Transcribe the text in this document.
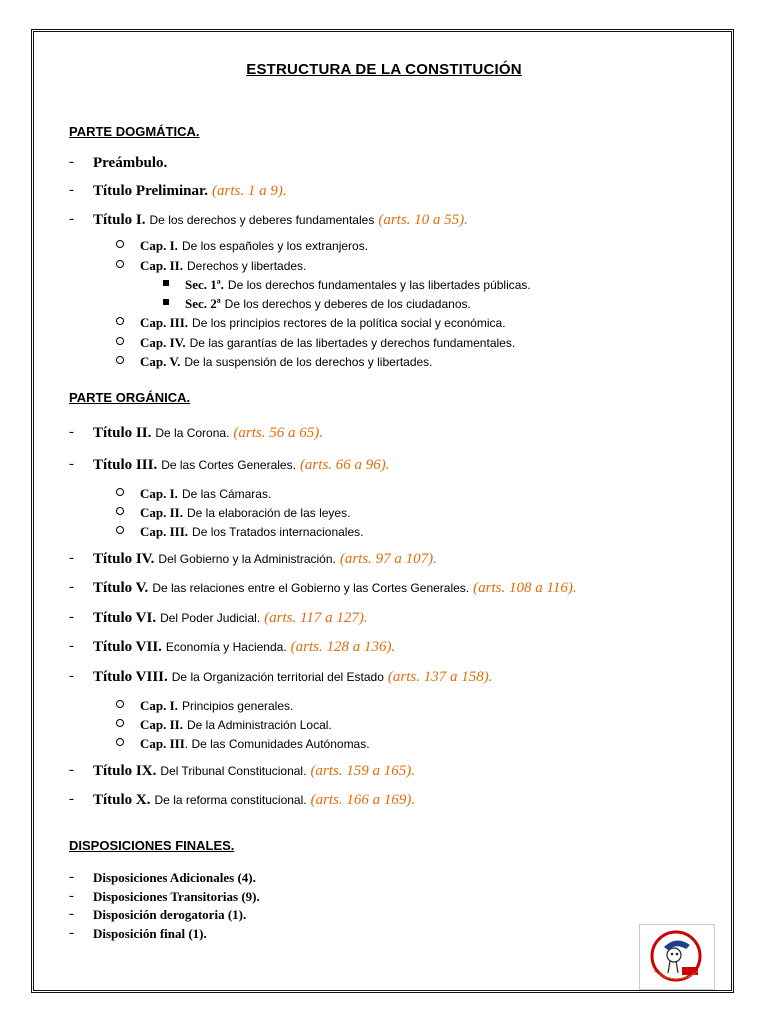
ESTRUCTURA DE LA CONSTITUCIÓN
PARTE DOGMÁTICA.
- Preámbulo.
- Título Preliminar. (arts. 1 a 9).
- Título I. De los derechos y deberes fundamentales (arts. 10 a 55).
Cap. I. De los españoles y los extranjeros.
Cap. II. Derechos y libertades.
Sec. 1ª. De los derechos fundamentales y las libertades públicas.
Sec. 2ª De los derechos y deberes de los ciudadanos.
Cap. III. De los principios rectores de la política social y económica.
Cap. IV. De las garantías de las libertades y derechos fundamentales.
Cap. V. De la suspensión de los derechos y libertades.
PARTE ORGÁNICA.
- Título II. De la Corona. (arts. 56 a 65).
- Título III. De las Cortes Generales. (arts. 66 a 96).
Cap. I. De las Cámaras.
Cap. II. De la elaboración de las leyes.
Cap. III. De los Tratados internacionales.
- Título IV. Del Gobierno y la Administración. (arts. 97 a 107).
- Título V. De las relaciones entre el Gobierno y las Cortes Generales. (arts. 108 a 116).
- Título VI. Del Poder Judicial. (arts. 117 a 127).
- Título VII. Economía y Hacienda. (arts. 128 a 136).
- Título VIII. De la Organización territorial del Estado (arts. 137 a 158).
Cap. I. Principios generales.
Cap. II. De la Administración Local.
Cap. III. De las Comunidades Autónomas.
- Título IX. Del Tribunal Constitucional. (arts. 159 a 165).
- Título X. De la reforma constitucional. (arts. 166 a 169).
DISPOSICIONES FINALES.
- Disposiciones Adicionales (4).
- Disposiciones Transitorias (9).
- Disposición derogatoria (1).
- Disposición final (1).
